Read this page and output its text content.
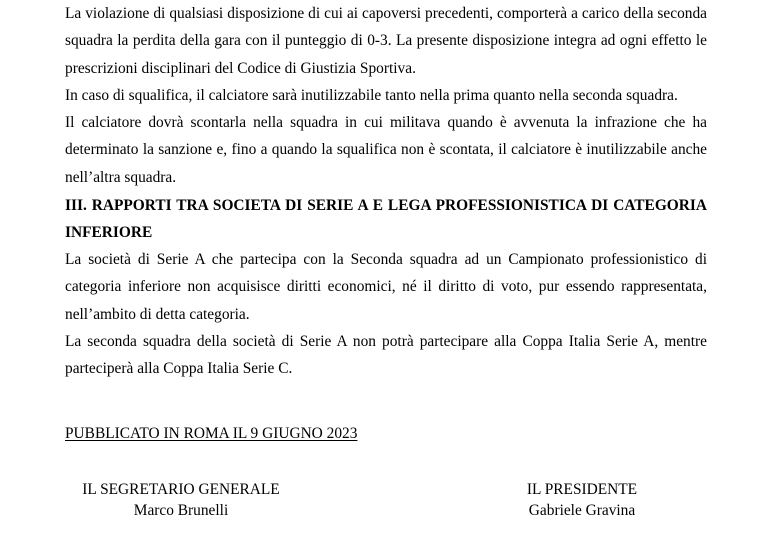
La violazione di qualsiasi disposizione di cui ai capoversi precedenti, comporterà a carico della seconda squadra la perdita della gara con il punteggio di 0-3. La presente disposizione integra ad ogni effetto le prescrizioni disciplinari del Codice di Giustizia Sportiva.

In caso di squalifica, il calciatore sarà inutilizzabile tanto nella prima quanto nella seconda squadra.

Il calciatore dovrà scontarla nella squadra in cui militava quando è avvenuta la infrazione che ha determinato la sanzione e, fino a quando la squalifica non è scontata, il calciatore è inutilizzabile anche nell’altra squadra.

III. RAPPORTI TRA SOCIETA DI SERIE A E LEGA PROFESSIONISTICA DI CATEGORIA INFERIORE

La società di Serie A che partecipa con la Seconda squadra ad un Campionato professionistico di categoria inferiore non acquisisce diritti economici, né il diritto di voto, pur essendo rappresentata, nell’ambito di detta categoria.

La seconda squadra della società di Serie A non potrà partecipare alla Coppa Italia Serie A, mentre parteciperà alla Coppa Italia Serie C.

PUBBLICATO IN ROMA IL 9 GIUGNO 2023

IL SEGRETARIO GENERALE
Marco Brunelli
IL PRESIDENTE
Gabriele Gravina
